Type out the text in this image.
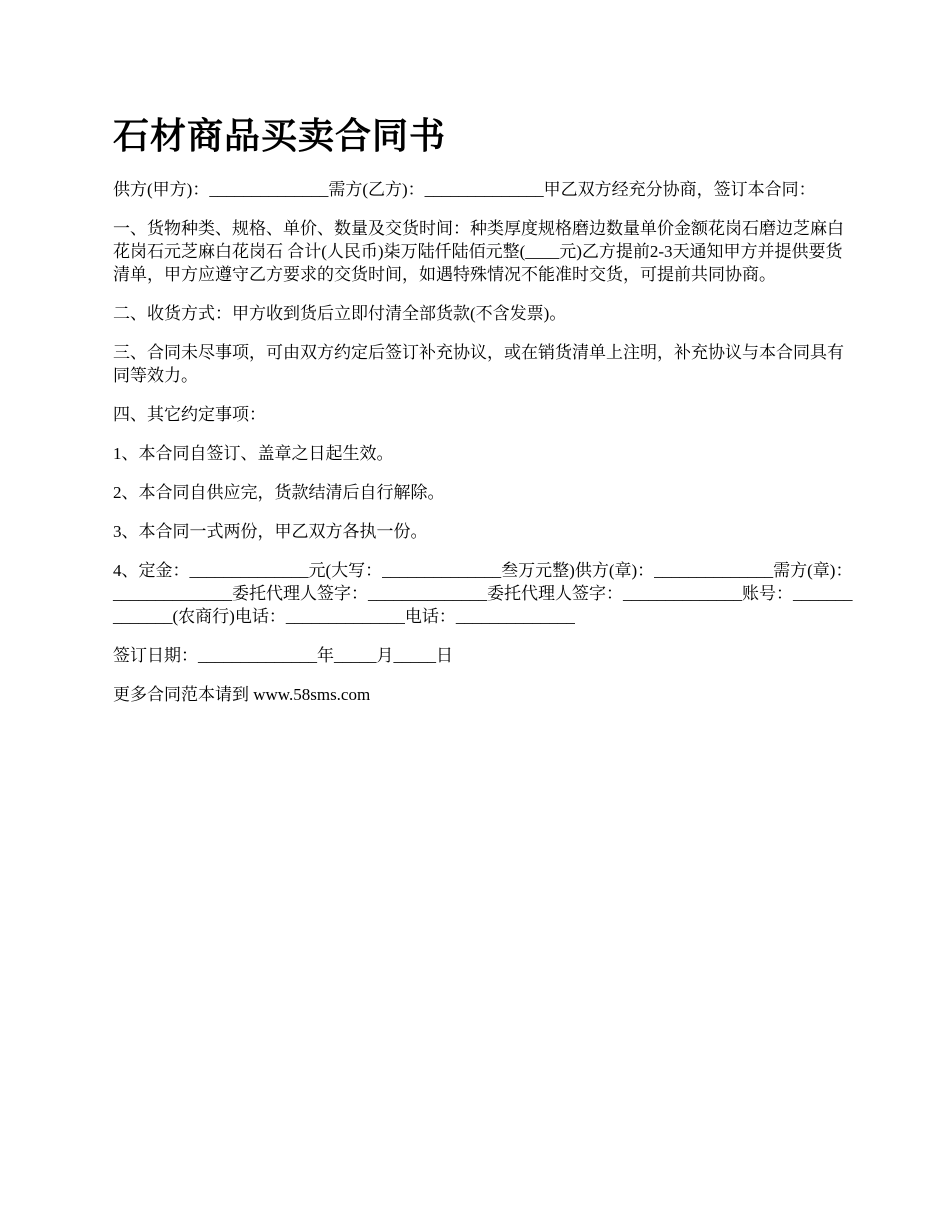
石材商品买卖合同书

供方(甲方)：______________需方(乙方)：______________甲乙双方经充分协商，签订本合同：

一、货物种类、规格、单价、数量及交货时间：种类厚度规格磨边数量单价金额花岗石磨边芝麻白花岗石元芝麻白花岗石 合计(人民币)柒万陆仟陆佰元整(____元)乙方提前2-3天通知甲方并提供要货清单，甲方应遵守乙方要求的交货时间，如遇特殊情况不能准时交货，可提前共同协商。

二、收货方式：甲方收到货后立即付清全部货款(不含发票)。

三、合同未尽事项，可由双方约定后签订补充协议，或在销货清单上注明，补充协议与本合同具有同等效力。

四、其它约定事项：

1、本合同自签订、盖章之日起生效。

2、本合同自供应完，货款结清后自行解除。

3、本合同一式两份，甲乙双方各执一份。

4、定金：______________元(大写：______________叁万元整)供方(章)：______________需方(章)：______________委托代理人签字：______________委托代理人签字：______________账号：______________(农商行)电话：______________电话：______________

签订日期：______________年_____月_____日

更多合同范本请到 www.58sms.com
